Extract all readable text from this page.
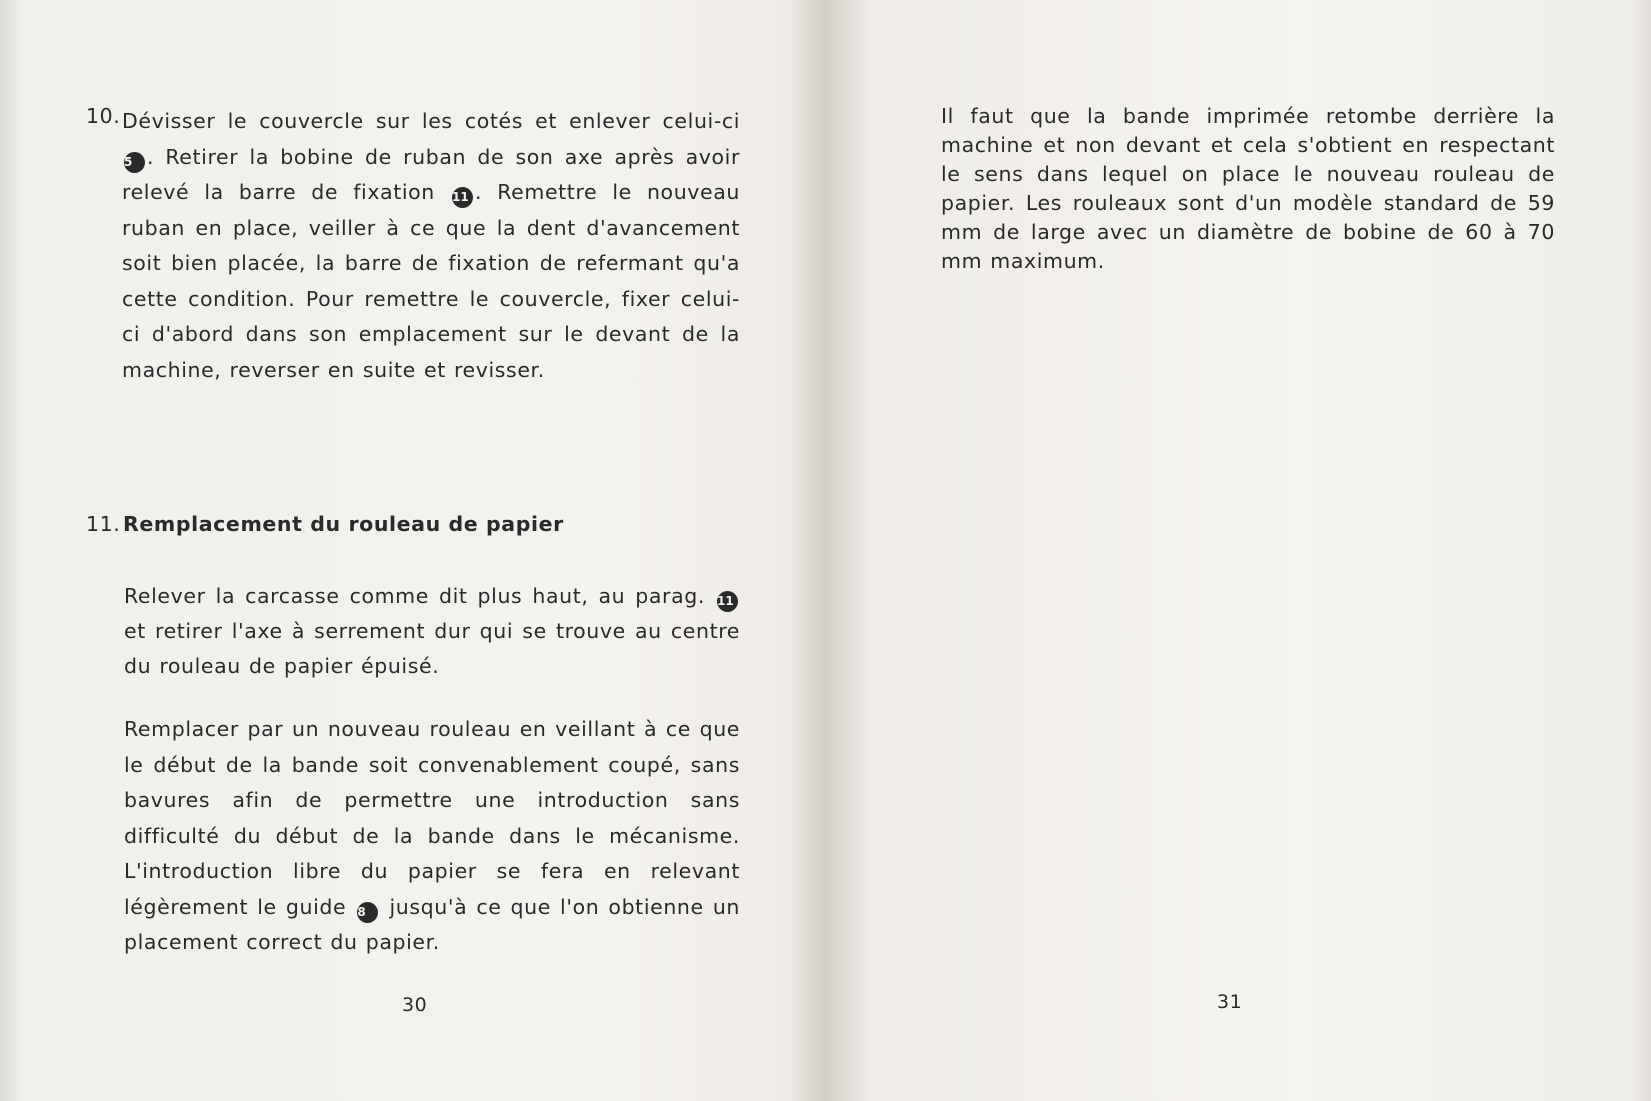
10. Dévisser le couvercle sur les cotés et enlever celui-ci 5 . Retirer la bobine de ruban de son axe après avoir relevé la barre de fixation 11 . Remettre le nouveau ruban en place, veiller à ce que la dent d'avancement soit bien placée, la barre de fixation de refermant qu'a cette condition. Pour remettre le couvercle, fixer celui-ci d'abord dans son emplacement sur le devant de la machine, reverser en suite et revisser.

11. Remplacement du rouleau de papier

Relever la carcasse comme dit plus haut, au parag. 11 et retirer l'axe à serrement dur qui se trouve au centre du rouleau de papier épuisé.

Remplacer par un nouveau rouleau en veillant à ce que le début de la bande soit convenablement coupé, sans bavures afin de permettre une introduction sans difficulté du début de la bande dans le mécanisme. L'introduction libre du papier se fera en relevant légèrement le guide 8 jusqu'à ce que l'on obtienne un placement correct du papier.

30

Il faut que la bande imprimée retombe derrière la machine et non devant et cela s'obtient en respectant le sens dans lequel on place le nouveau rouleau de papier. Les rouleaux sont d'un modèle standard de 59 mm de large avec un diamètre de bobine de 60 à 70 mm maximum.

31
